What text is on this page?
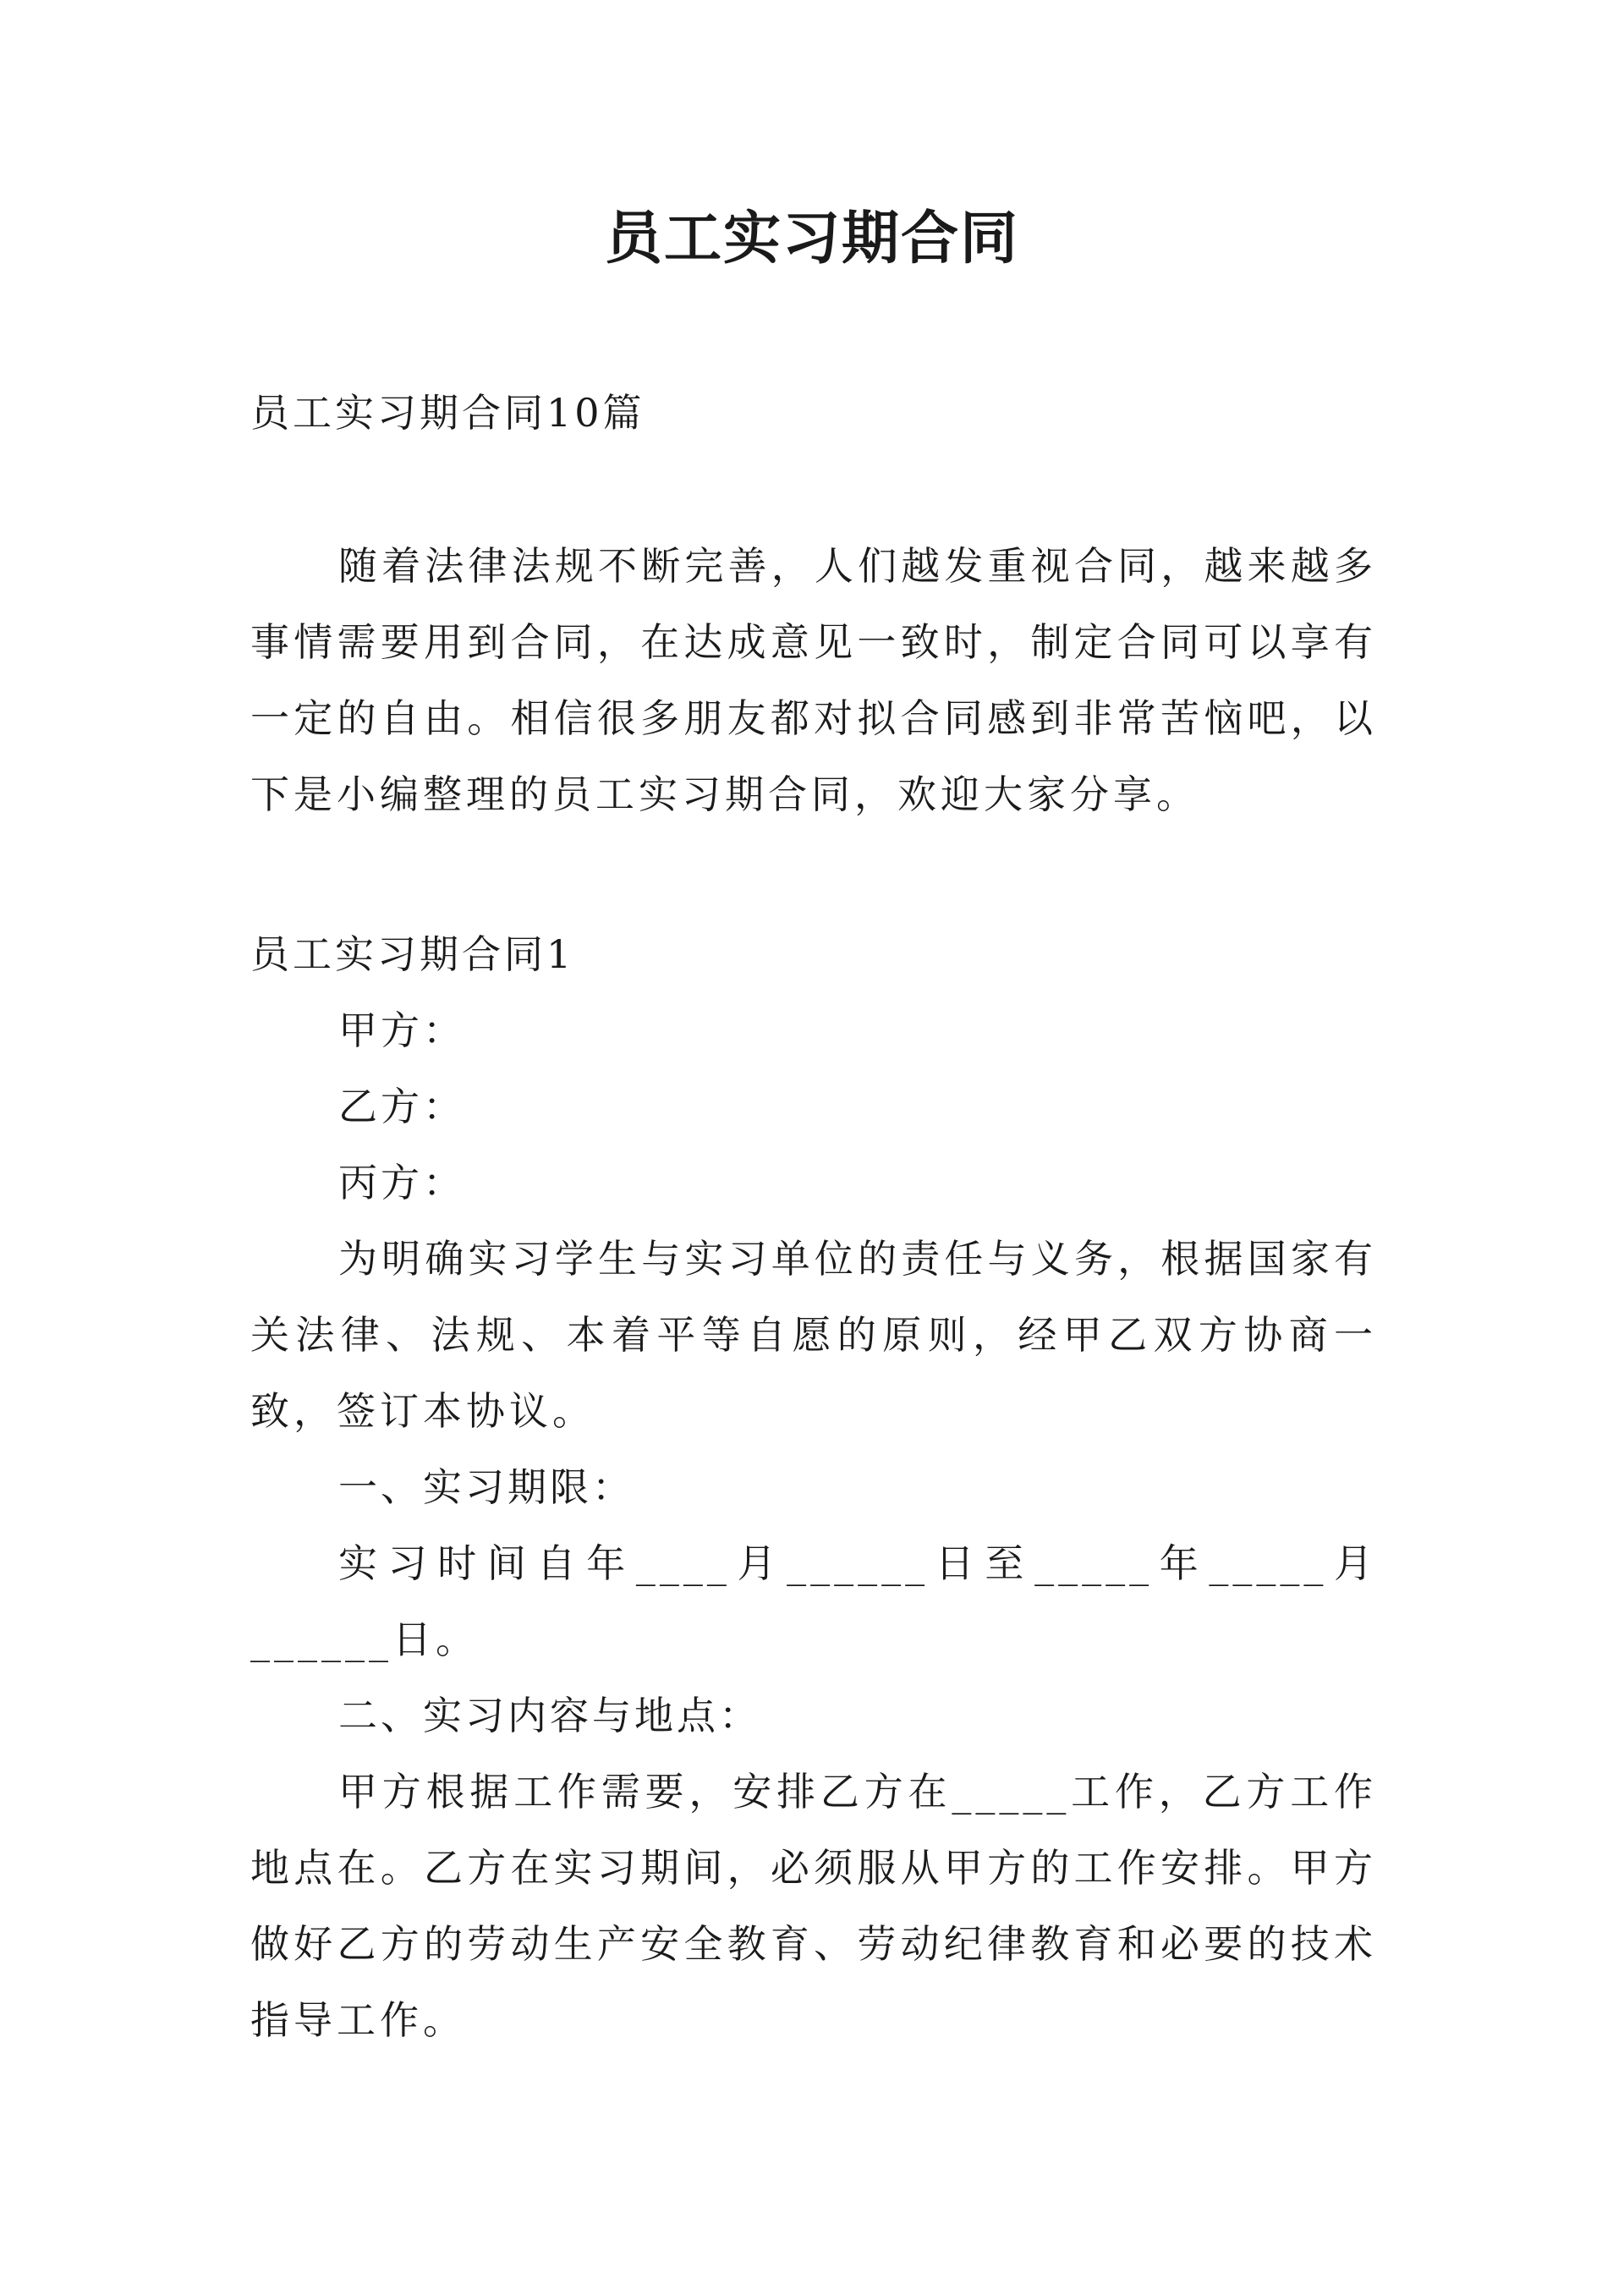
员工实习期合同
员工实习期合同10篇
随着法律法规不断完善，人们越发重视合同，越来越多事情需要用到合同，在达成意见一致时，制定合同可以享有一定的自由。相信很多朋友都对拟合同感到非常苦恼吧，以下是小编整理的员工实习期合同，欢迎大家分享。
员工实习期合同1
甲方：
乙方：
丙方：
为明确实习学生与实习单位的责任与义务，根据国家有关法律、法规、本着平等自愿的原则，经甲乙双方协商一致，签订本协议。
一、实习期限：
实习时间自年____月______日至_____年_____月______日。
二、实习内容与地点：
甲方根据工作需要，安排乙方在_____工作，乙方工作地点在。乙方在实习期间，必须服从甲方的工作安排。甲方做好乙方的劳动生产安全教育、劳动纪律教育和必要的技术指导工作。
